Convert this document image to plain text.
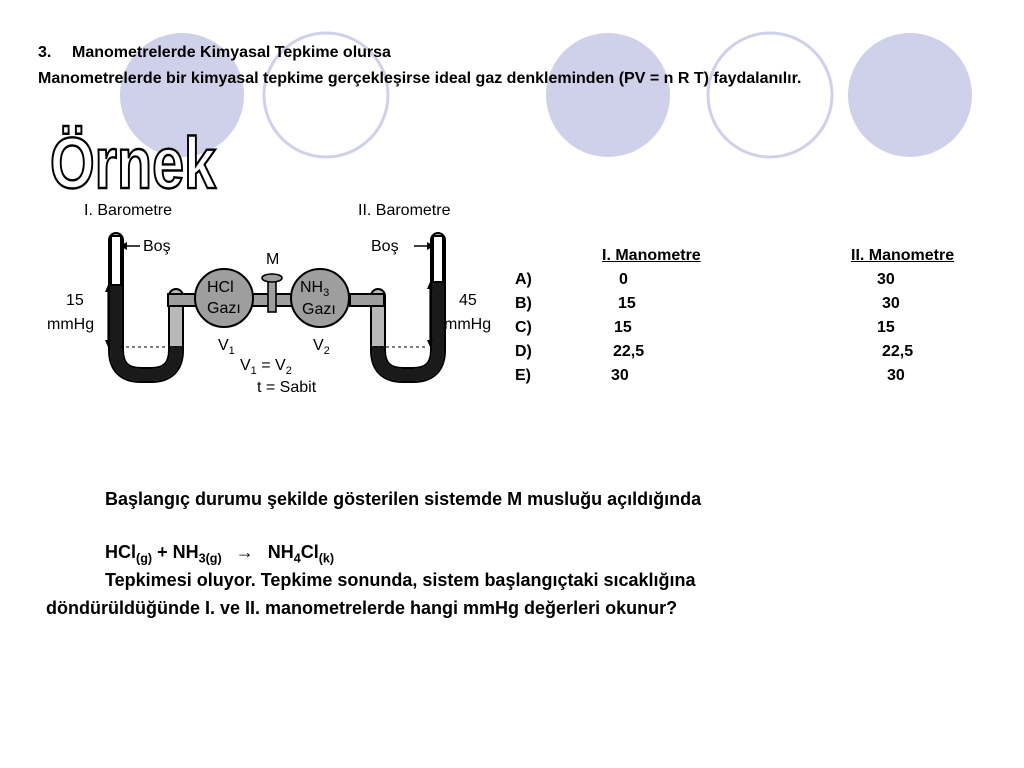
3. Manometrelerde Kimyasal Tepkime olursa
Manometrelerde bir kimyasal tepkime gerçekleşirse ideal gaz denkleminden (PV = n R T) faydalanılır.
Örnek
I. Barometre	II. Barometre
M
HCl
Gazı
$NH_3$
Gazı
Boş	Boş
15
mmHg
45
mmHg
$V_1$	$V_2$
$V_1 = V_2$
t = Sabit
I. Manometre	II. Manometre
A)	0	30
B)	15	30
C)	15	15
D)	22,5	22,5
E)	30	30
Başlangıç durumu şekilde gösterilen sistemde M musluğu açıldığında
$HCl_{(g)} + NH_{3(g)} \to NH_4Cl_{(k)}$
Tepkimesi oluyor. Tepkime sonunda, sistem başlangıçtaki sıcaklığına
döndürüldüğünde I. ve II. manometrelerde hangi mmHg değerleri okunur?
